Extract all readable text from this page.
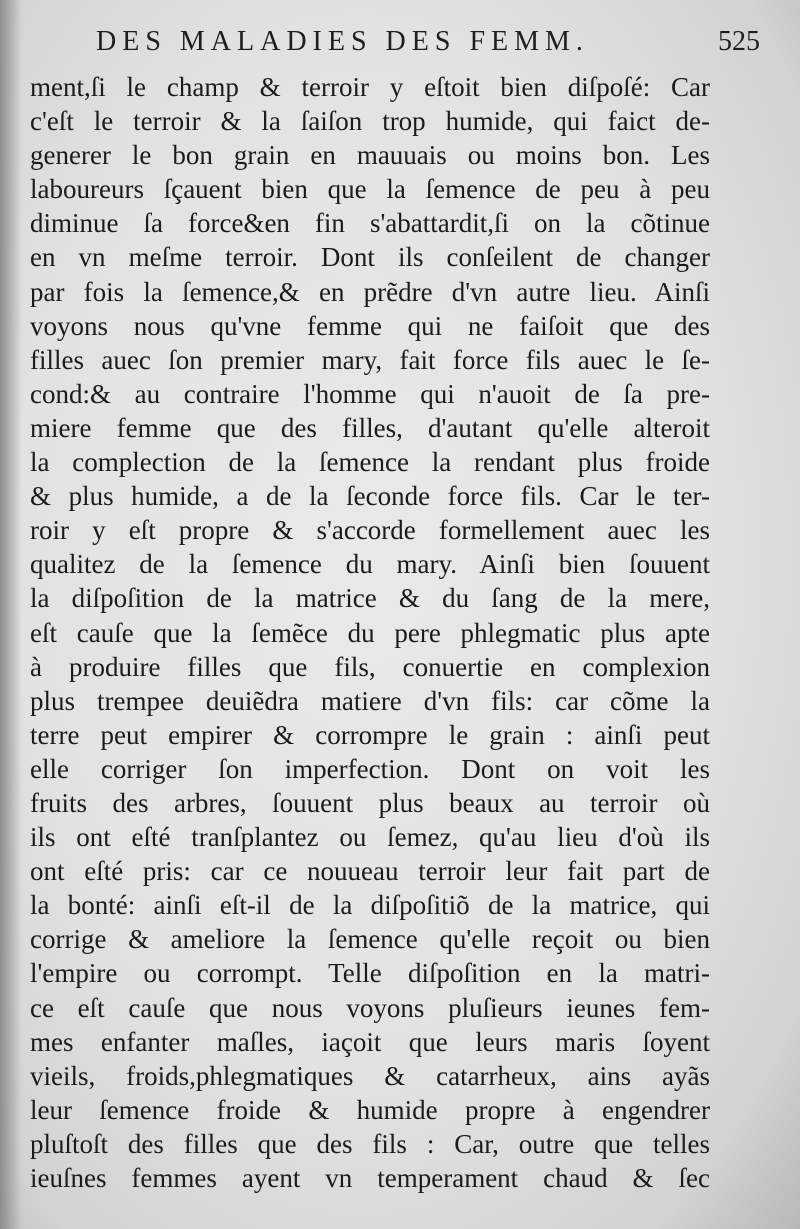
DES MALADIES DES FEMM.	525
ment,ſi le champ & terroir y eſtoit bien diſpoſé: Car
c'eſt le terroir & la ſaiſon trop humide, qui faict de-
generer le bon grain en mauuais ou moins bon. Les
laboureurs ſçauent bien que la ſemence de peu à peu
diminue ſa force&en fin s'abattardit,ſi on la cõtinue
en vn meſme terroir. Dont ils conſeilent de changer
par fois la ſemence,& en prẽdre d'vn autre lieu. Ainſi
voyons nous qu'vne femme qui ne faiſoit que des
filles auec ſon premier mary, fait force fils auec le ſe-
cond:& au contraire l'homme qui n'auoit de ſa pre-
miere femme que des filles, d'autant qu'elle alteroit
la complection de la ſemence la rendant plus froide
& plus humide, a de la ſeconde force fils. Car le ter-
roir y eſt propre & s'accorde formellement auec les
qualitez de la ſemence du mary. Ainſi bien ſouuent
la diſpoſition de la matrice & du ſang de la mere,
eſt cauſe que la ſemẽce du pere phlegmatic plus apte
à produire filles que fils, conuertie en complexion
plus trempee deuiẽdra matiere d'vn fils: car cõme la
terre peut empirer & corrompre le grain : ainſi peut
elle corriger ſon imperfection. Dont on voit les
fruits des arbres, ſouuent plus beaux au terroir où
ils ont eſté tranſplantez ou ſemez, qu'au lieu d'où ils
ont eſté pris: car ce nouueau terroir leur fait part de
la bonté: ainſi eſt-il de la diſpoſitiõ de la matrice, qui
corrige & ameliore la ſemence qu'elle reçoit ou bien
l'empire ou corrompt. Telle diſpoſition en la matri-
ce eſt cauſe que nous voyons pluſieurs ieunes fem-
mes enfanter maſles, iaçoit que leurs maris ſoyent
vieils, froids,phlegmatiques & catarrheux, ains ayãs
leur ſemence froide & humide propre à engendrer
pluſtoſt des filles que des fils : Car, outre que telles
ieuſnes femmes ayent vn temperament chaud & ſec
